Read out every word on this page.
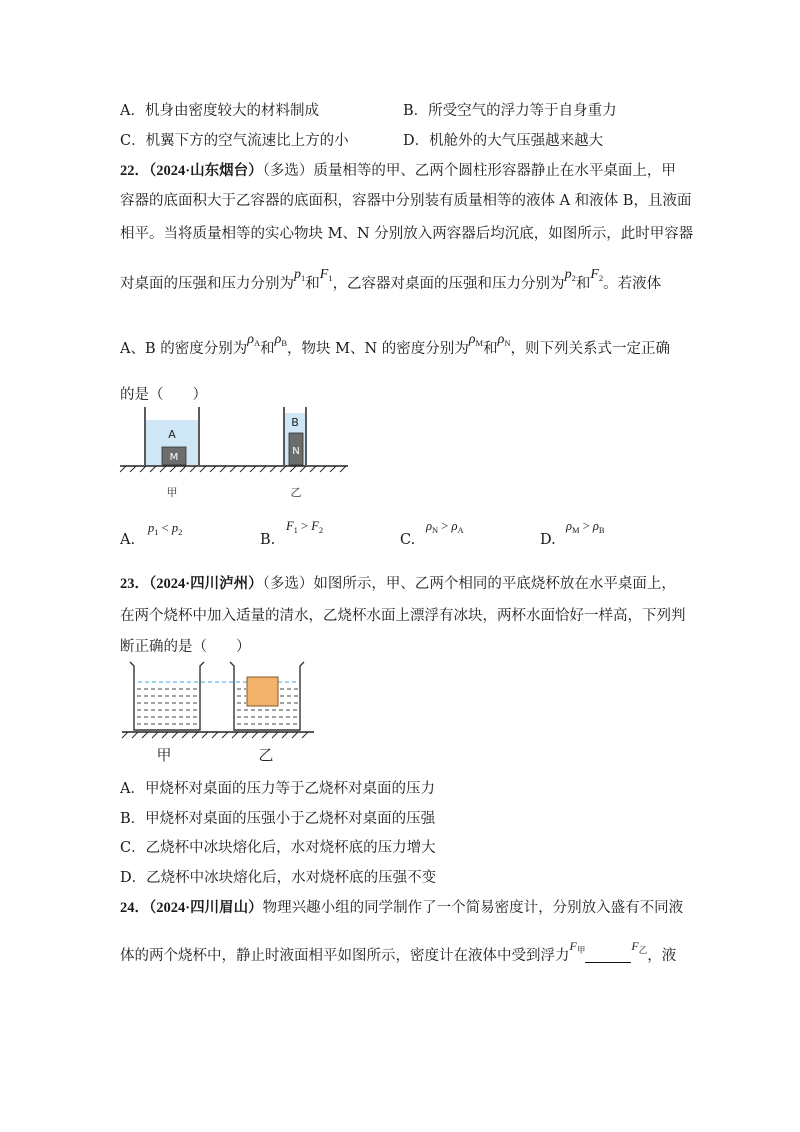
A．机身由密度较大的材料制成	B．所受空气的浮力等于自身重力
C．机翼下方的空气流速比上方的小	D．机舱外的大气压强越来越大
22．（2024·山东烟台）（多选）质量相等的甲、乙两个圆柱形容器静止在水平桌面上，甲
容器的底面积大于乙容器的底面积，容器中分别装有质量相等的液体 A 和液体 B，且液面
相平。当将质量相等的实心物块 M、N 分别放入两容器后均沉底，如图所示，此时甲容器
对桌面的压强和压力分别为$p_1$和$F_1$，乙容器对桌面的压强和压力分别为$p_2$和$F_2$。若液体
A、B 的密度分别为$\rho_A$和$\rho_B$，物块 M、N 的密度分别为$\rho_M$和$\rho_N$，则下列关系式一定正确
的是（　　）
A
M
B
N
甲	乙
A.
$p_1 < p_2$	B.
$F_1 > F_2$
C.
$\rho_N > \rho_A$
D.
$\rho_M > \rho_B$
23．（2024·四川泸州）（多选）如图所示，甲、乙两个相同的平底烧杯放在水平桌面上，
在两个烧杯中加入适量的清水，乙烧杯水面上漂浮有冰块，两杯水面恰好一样高，下列判
断正确的是（　　）
甲	乙
A．甲烧杯对桌面的压力等于乙烧杯对桌面的压力
B．甲烧杯对桌面的压强小于乙烧杯对桌面的压强
C．乙烧杯中冰块熔化后，水对烧杯底的压力增大
D．乙烧杯中冰块熔化后，水对烧杯底的压强不变
24．（2024·四川眉山）物理兴趣小组的同学制作了一个简易密度计，分别放入盛有不同液
体的两个烧杯中，静止时液面相平如图所示，密度计在液体中受到浮力$^{F_甲}$	$^{F_乙}$，液
